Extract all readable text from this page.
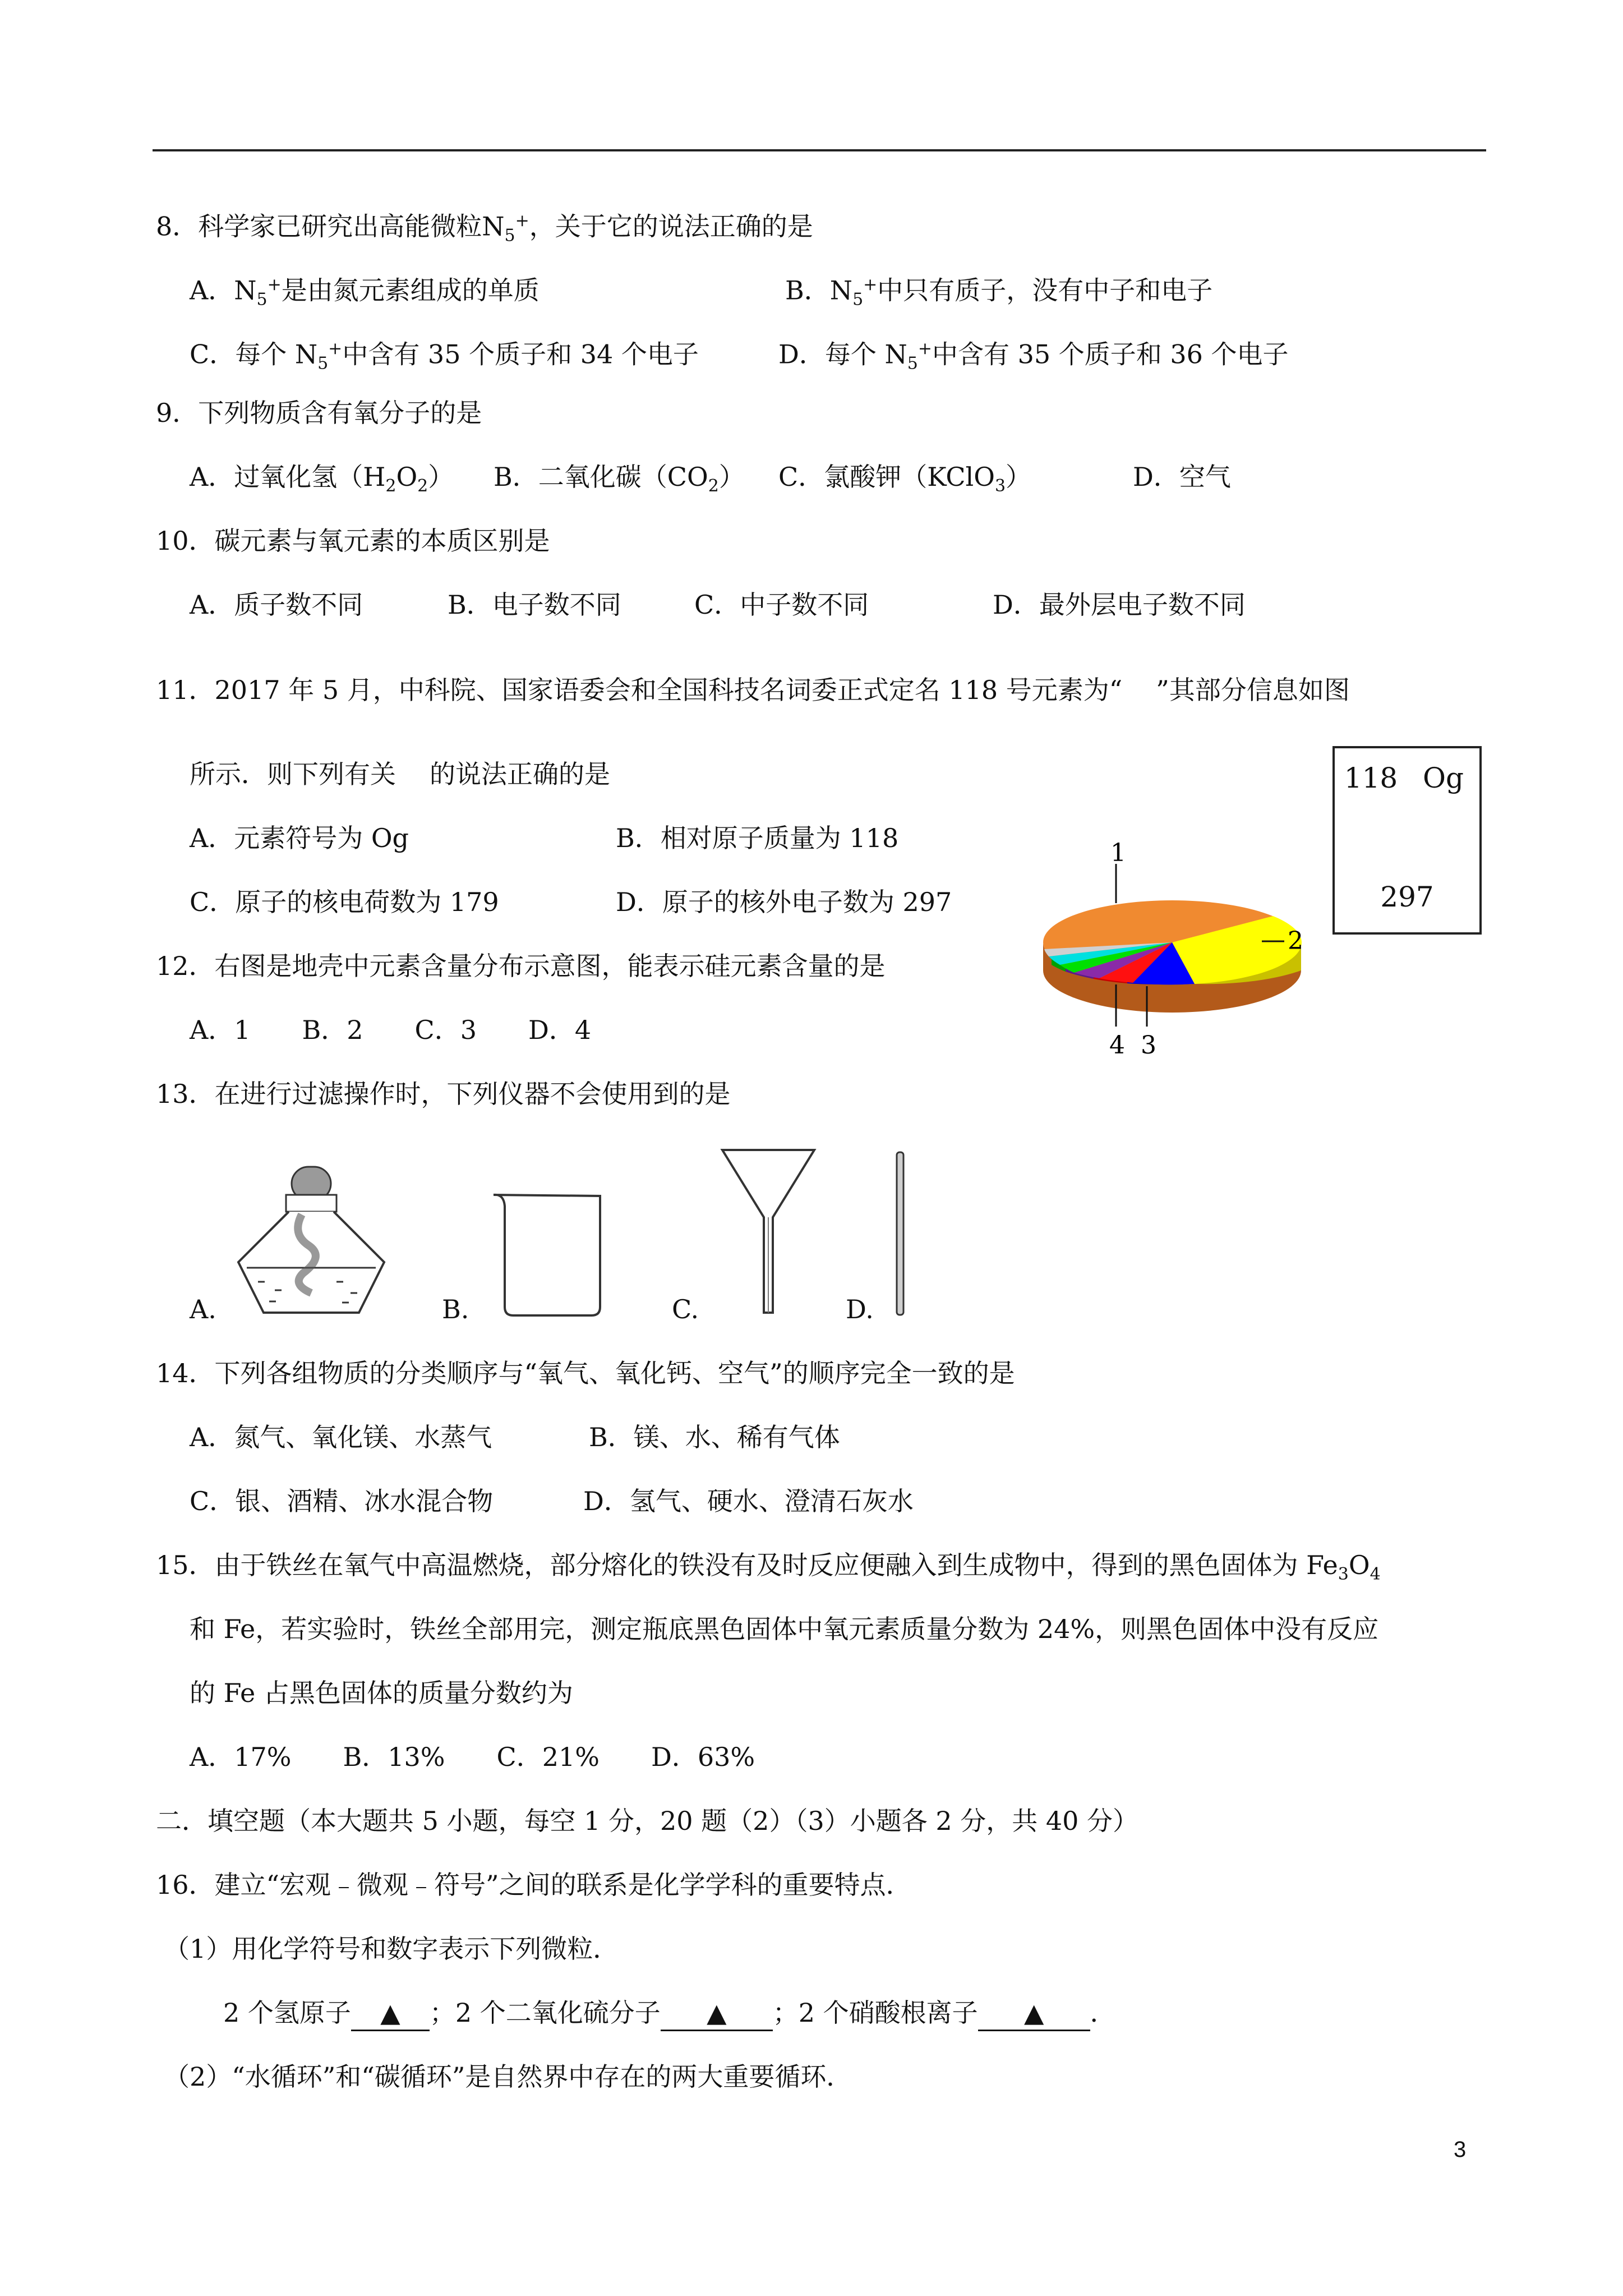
8．科学家已研究出高能微粒$N_5^+$，关于它的说法正确的是
A．$N_5^+$是由氮元素组成的单质	B．$N_5^+$中只有质子，没有中子和电子
C．每个 $N_5^+$中含有 35 个质子和 34 个电子	D．每个 $N_5^+$中含有 35 个质子和 36 个电子
9．下列物质含有氧分子的是
A．过氧化氢$(H_2O_2)$ B．二氧化碳$(CO_2)$ C．氯酸钾（KClO$_3$）	D．空气
10．碳元素与氧元素的本质区别是
A．质子数不同	B．电子数不同	C．中子数不同	D．最外层电子数不同
11．2017 年 5 月，中科院、国家语委会和全国科技名词委正式定名 118 号元素为“ ”其部分信息如图
所示．则下列有关 的说法正确的是
A．元素符号为 Og	B．相对原子质量为 118
C．原子的核电荷数为 179	D．原子的核外电子数为 297
118 Og
297
12．右图是地壳中元素含量分布示意图，能表示硅元素含量的是
A．1　　B．2　　C．3　　D．4
1
2
4 3
13．在进行过滤操作时，下列仪器不会使用到的是
A.	B.	C.	D.
14．下列各组物质的分类顺序与“氧气、氧化钙、空气”的顺序完全一致的是
A．氮气、氧化镁、水蒸气	B．镁、水、稀有气体
C．银、酒精、冰水混合物	D．氢气、硬水、澄清石灰水
15．由于铁丝在氧气中高温燃烧，部分熔化的铁没有及时反应便融入到生成物中，得到的黑色固体为 $Fe_3O_4$
和 Fe，若实验时，铁丝全部用完，测定瓶底黑色固体中氧元素质量分数为 24%，则黑色固体中没有反应
的 Fe 占黑色固体的质量分数约为
A．17%　　B．13%　　C．21%　　D．63%
二．填空题（本大题共 5 小题，每空 1 分，20 题（2）（3）小题各 2 分，共 40 分）
16．建立“宏观﹣微观﹣符号”之间的联系是化学学科的重要特点．
（1）用化学符号和数字表示下列微粒．
2 个氢原子 ▲ ；2 个二氧化硫分子 ▲ ；2 个硝酸根离子 ▲ ．
（2）“水循环”和“碳循环”是自然界中存在的两大重要循环．
3
